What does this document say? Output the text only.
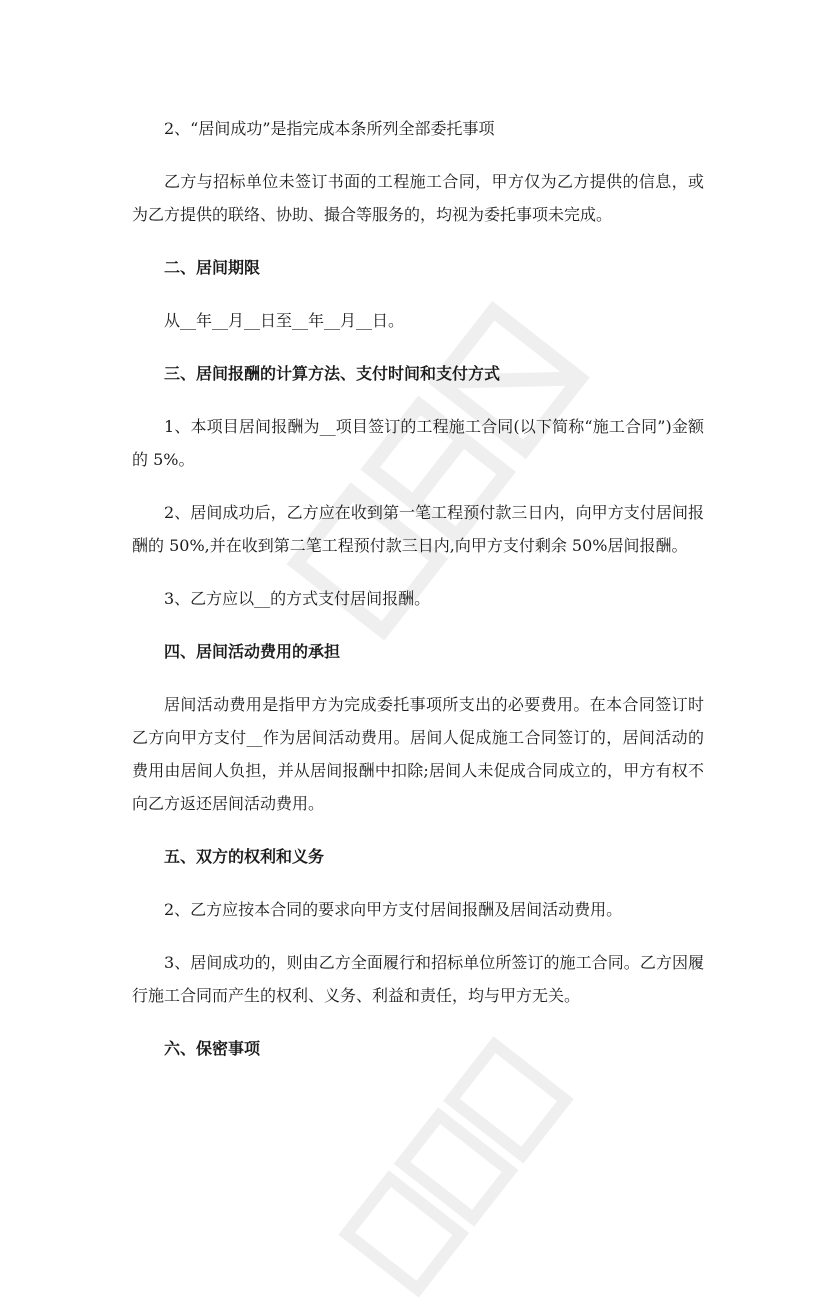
2、“居间成功”是指完成本条所列全部委托事项

乙方与招标单位未签订书面的工程施工合同，甲方仅为乙方提供的信息，或为乙方提供的联络、协助、撮合等服务的，均视为委托事项未完成。

二、居间期限

从__年__月__日至__年__月__日。

三、居间报酬的计算方法、支付时间和支付方式

1、本项目居间报酬为__项目签订的工程施工合同(以下简称“施工合同”)金额的 5%。

2、居间成功后，乙方应在收到第一笔工程预付款三日内，向甲方支付居间报酬的 50%,并在收到第二笔工程预付款三日内,向甲方支付剩余 50%居间报酬。

3、乙方应以__的方式支付居间报酬。

四、居间活动费用的承担

居间活动费用是指甲方为完成委托事项所支出的必要费用。在本合同签订时乙方向甲方支付__作为居间活动费用。居间人促成施工合同签订的，居间活动的费用由居间人负担，并从居间报酬中扣除;居间人未促成合同成立的，甲方有权不向乙方返还居间活动费用。

五、双方的权利和义务

2、乙方应按本合同的要求向甲方支付居间报酬及居间活动费用。

3、居间成功的，则由乙方全面履行和招标单位所签订的施工合同。乙方因履行施工合同而产生的权利、义务、利益和责任，均与甲方无关。

六、保密事项
